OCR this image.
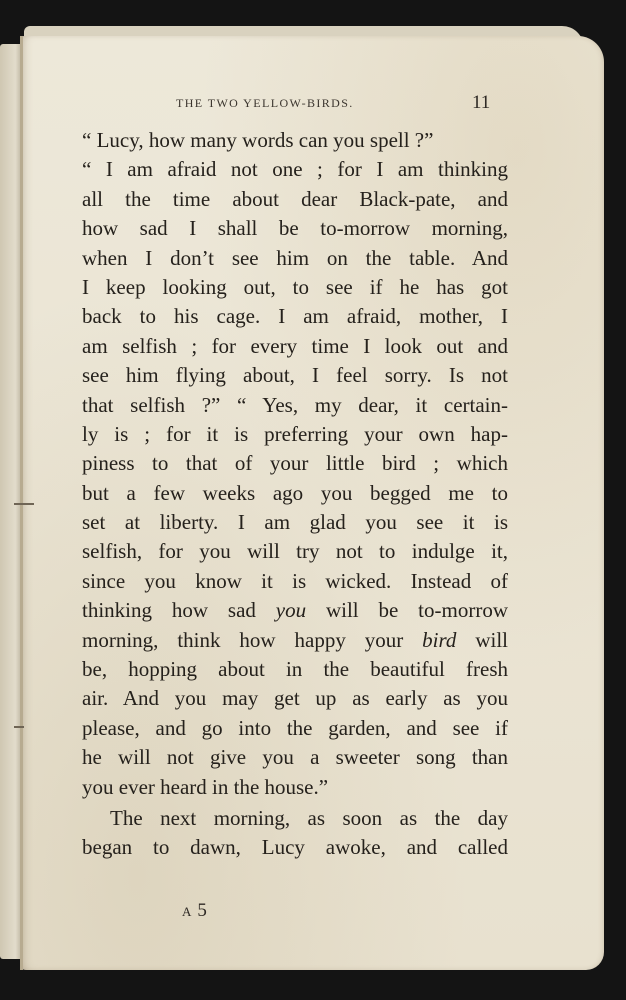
THE TWO YELLOW-BIRDS.	11
“ Lucy, how many words can you spell ?”
“ I am afraid not one ; for I am thinking
all the time about dear Black-pate, and
how sad I shall be to-morrow morning,
when I don’t see him on the table. And
I keep looking out, to see if he has got
back to his cage. I am afraid, mother, I
am selfish ; for every time I look out and
see him flying about, I feel sorry. Is not
that selfish ?” “ Yes, my dear, it certain-
ly is ; for it is preferring your own hap-
piness to that of your little bird ; which
but a few weeks ago you begged me to
set at liberty. I am glad you see it is
selfish, for you will try not to indulge it,
since you know it is wicked. Instead of
thinking how sad you will be to-morrow
morning, think how happy your bird will
be, hopping about in the beautiful fresh
air. And you may get up as early as you
please, and go into the garden, and see if
he will not give you a sweeter song than
you ever heard in the house.”
The next morning, as soon as the day
began to dawn, Lucy awoke, and called
A 5
